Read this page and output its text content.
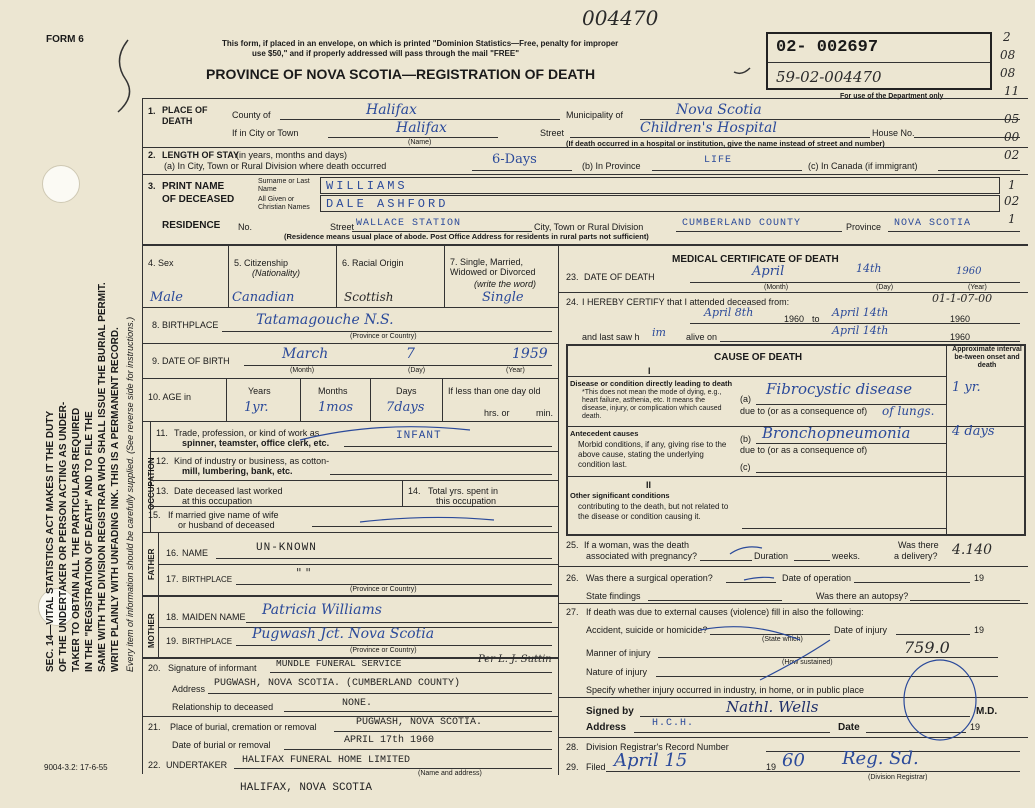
FORM 6
004470
This form, if placed in an envelope, on which is printed "Dominion Statistics—Free, penalty for improper
use $50," and if properly addressed will pass through the mail "FREE"
PROVINCE OF NOVA SCOTIA—REGISTRATION OF DEATH
02- 002697
59-02-004470
For use of the Department only
2
08
08
11
05
00
02
1
02
1
SEC. 14—VITAL STATISTICS ACT MAKES IT THE DUTY OF THE UNDERTAKER OR PERSON ACTING AS UNDER- TAKER TO OBTAIN ALL THE PARTICULARS REQUIRED IN THE "REGISTRATION OF DEATH" AND TO FILE THE SAME WITH THE DIVISION REGISTRAR WHO SHALL ISSUE THE BURIAL PERMIT. WRITE PLAINLY WITH UNFADING INK. THIS IS A PERMANENT RECORD. Every item of information should be carefully supplied. (See reverse side for instructions.)
1. PLACE OF DEATH
County of	Halifax	Municipality of	Nova Scotia
If in City or Town	Halifax
(Name)
Street	Children's Hospital	House No.
(If death occurred in a hospital or institution, give the name instead of street and number)
2. LENGTH OF STAY
(in years, months and days)
(a) In City, Town or Rural Division where death occurred	6-Days	(b) In Province	LIFE	(c) In Canada (if immigrant)
3. PRINT NAME
OF DECEASED
Surname or Last Name	WILLIAMS
All Given or Christian Names	DALE ASHFORD
RESIDENCE No.	Street WALLACE STATION	City, Town or Rural Division	CUMBERLAND COUNTY	Province NOVA SCOTIA
(Residence means usual place of abode. Post Office Address for residents in rural parts not sufficient)
4. Sex
Male
5. Citizenship
(Nationality)
Canadian
6. Racial Origin
Scottish
7. Single, Married, Widowed or Divorced
(write the word)
Single
8. BIRTHPLACE	Tatamagouche N.S.
(Province or Country)
9. DATE OF BIRTH	March	7	1959
(Month)	(Day)	(Year)
10. AGE in
Years	Months	Days
1yr.	1mos	7days
If less than one day old
hrs. or	min.
OCCUPATION
11. Trade, profession, or kind of work as
spinner, teamster, office clerk, etc.
INFANT
12. Kind of industry or business, as cotton-
mill, lumbering, bank, etc.
13. Date deceased last worked
at this occupation
14. Total yrs. spent in
this occupation
15. If married give name of wife
or husband of deceased
FATHER 16. NAME	UN-KNOWN
17. BIRTHPLACE	" "
(Province or Country)
MOTHER 18. MAIDEN NAME Patricia Williams
19. BIRTHPLACE Pugwash Jct. Nova Scotia
(Province or Country)
20. Signature of informant MUNDLE FUNERAL SERVICE	Per L. J. Suttin
Address PUGWASH, NOVA SCOTIA. (CUMBERLAND COUNTY)
Relationship to deceased	NONE.
21. Place of burial, cremation or removal	PUGWASH, NOVA SCOTIA.
Date of burial or removal	APRIL 17th 1960
22. UNDERTAKER HALIFAX FUNERAL HOME LIMITED
(Name and address)
HALIFAX, NOVA SCOTIA
9004-3.2: 17-6-55
MEDICAL CERTIFICATE OF DEATH
23. DATE OF DEATH	April	14th	1960
(Month)	(Day)	(Year)
24. I HEREBY CERTIFY that I attended deceased from:	01-1-07-00
April 8th	1960 to April 14th	1960
and last saw h im alive on	April 14th	1960
CAUSE OF DEATH
Approximate interval be-tween onset and death
I
Disease or condition directly leading to death
*This does not mean the mode of dying, e.g., heart failure, asthenia, etc. It means the disease, injury, or complication which caused death.
(a)
Fibrocystic disease
of lungs.
1 yr.
due to (or as a consequence of)
Antecedent causes
Morbid conditions, if any, giving rise to the above cause, stating the underlying condition last.
(b) Bronchopneumonia	4 days
due to (or as a consequence of)
(c)
II
Other significant conditions
contributing to the death, but not related to the disease or condition causing it.
25. If a woman, was the death
associated with pregnancy?	Duration	weeks.
Was there
a delivery? 4.140
26. Was there a surgical operation?	Date of operation	19
State findings	Was there an autopsy?
27. If death was due to external causes (violence) fill in also the following:
Accident, suicide or homicide?
(State which)
Date of injury	19
Manner of injury	759.0
(How sustained)
Nature of injury
Specify whether injury occurred in industry, in home, or in public place
Signed by	Nathl. Wells	M.D.
Address	H.C.H.	Date	19
28. Division Registrar's Record Number
29. Filed April 15	19 60 Reg. Sd.
(Division Registrar)
